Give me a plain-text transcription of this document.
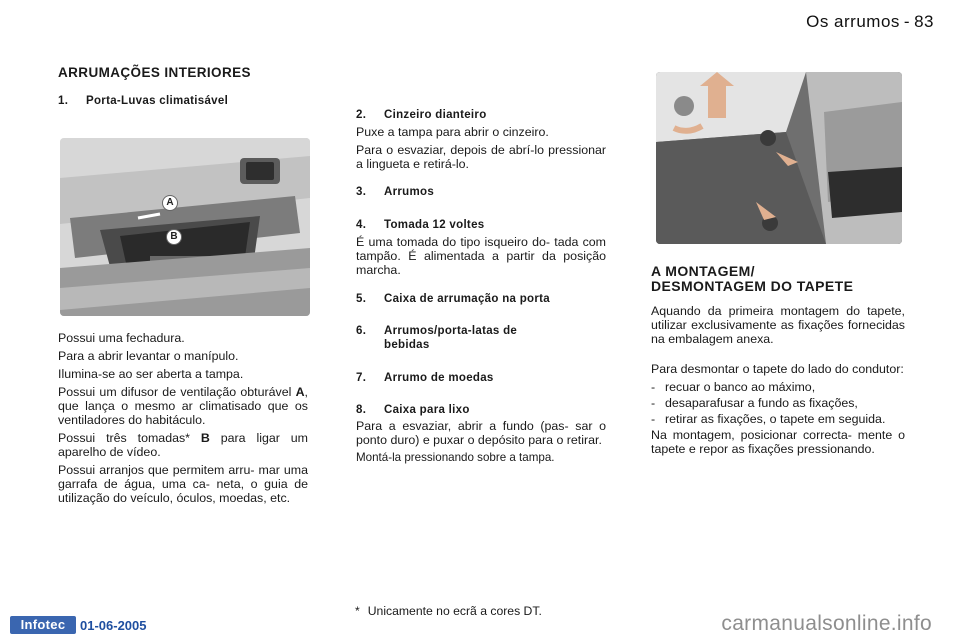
Os arrumos - 83
ARRUMAÇÕES INTERIORES
1. Porta-Luvas climatisável

Possui uma fechadura.

Para a abrir levantar o manípulo.

Ilumina-se ao ser aberta a tampa.

Possui um difusor de ventilação obturável A, que lança o mesmo ar climatisado que os ventiladores do habitáculo.

Possui três tomadas* B para ligar um aparelho de vídeo.

Possui arranjos que permitem arru- mar uma garrafa de água, uma ca- neta, o guia de utilização do veículo, óculos, moedas, etc.

A
B
2. Cinzeiro dianteiro

Puxe a tampa para abrir o cinzeiro.

Para o esvaziar, depois de abrí-lo pressionar a lingueta e retirá-lo.

3. Arrumos
4. Tomada 12 voltes

É uma tomada do tipo isqueiro do- tada com tampão. É alimentada a partir da posição marcha.

5. Caixa de arrumação na porta
6. Arrumos/porta-latas de
bebidas
7. Arrumo de moedas
8. Caixa para lixo

Para a esvaziar, abrir a fundo (pas- sar o ponto duro) e puxar o depósito para o retirar.

Montá-la pressionando sobre a tampa.

A MONTAGEM/
DESMONTAGEM DO TAPETE

Aquando da primeira montagem do tapete, utilizar exclusivamente as fixações fornecidas na embalagem anexa.

Para desmontar o tapete do lado do condutor:

- recuar o banco ao máximo,
- desaparafusar a fundo as fixações,
- retirar as fixações, o tapete em seguida.

Na montagem, posicionar correcta- mente o tapete e repor as fixações pressionando.

* Unicamente no ecrã a cores DT.
Infotec	01-06-2005	carmanualsonline.info
